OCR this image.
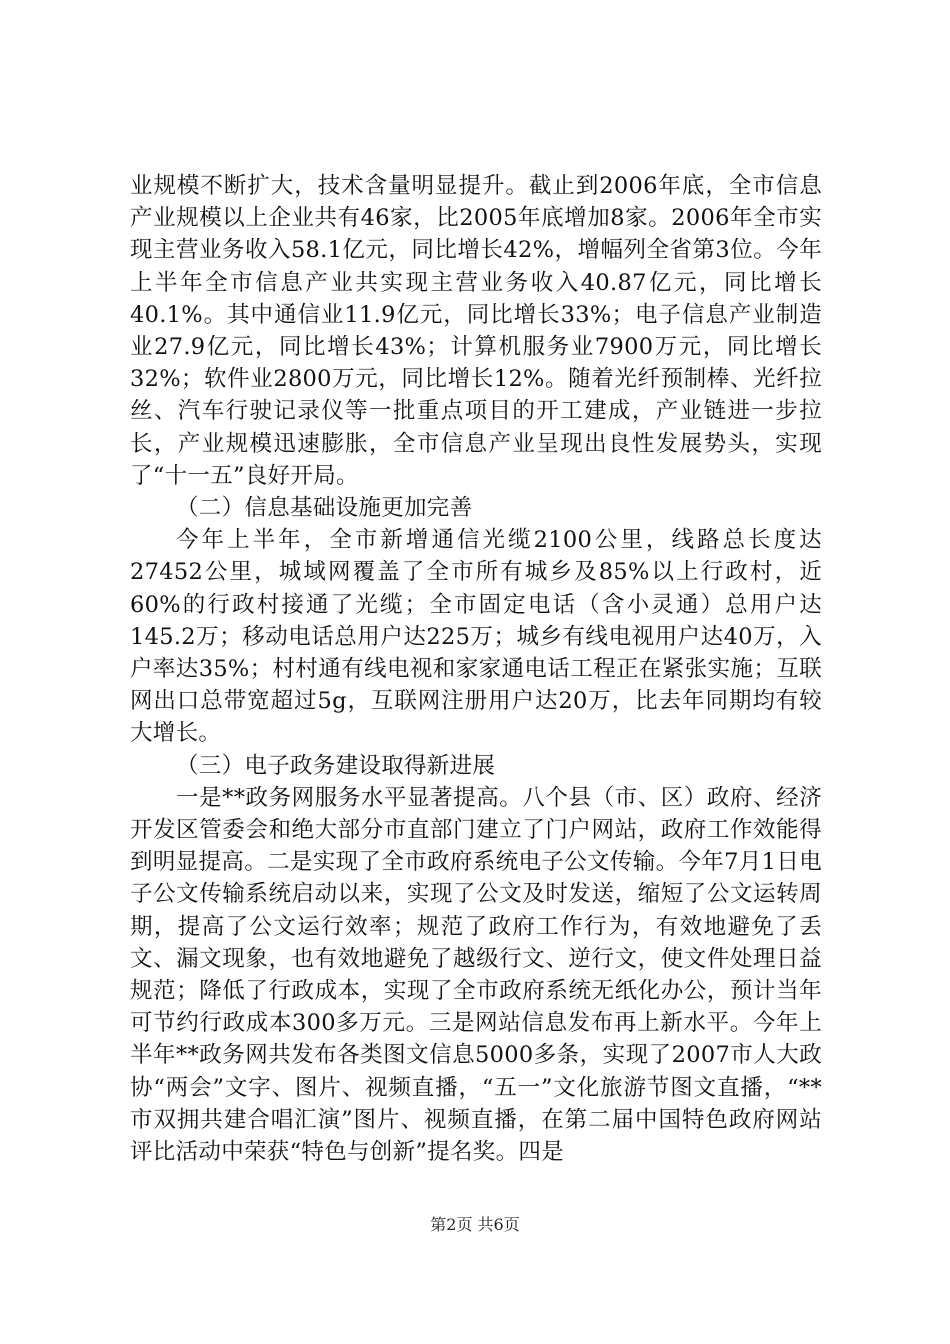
业规模不断扩大，技术含量明显提升。截止到2006年底，全市信息产业规模以上企业共有46家，比2005年底增加8家。2006年全市实现主营业务收入58.1亿元，同比增长42%，增幅列全省第3位。今年上半年全市信息产业共实现主营业务收入40.87亿元，同比增长40.1%。其中通信业11.9亿元，同比增长33%；电子信息产业制造业27.9亿元，同比增长43%；计算机服务业7900万元，同比增长32%；软件业2800万元，同比增长12%。随着光纤预制棒、光纤拉丝、汽车行驶记录仪等一批重点项目的开工建成，产业链进一步拉长，产业规模迅速膨胀，全市信息产业呈现出良性发展势头，实现了“十一五”良好开局。

（二）信息基础设施更加完善

今年上半年，全市新增通信光缆2100公里，线路总长度达27452公里，城域网覆盖了全市所有城乡及85%以上行政村，近60%的行政村接通了光缆；全市固定电话（含小灵通）总用户达145.2万；移动电话总用户达225万；城乡有线电视用户达40万，入户率达35%；村村通有线电视和家家通电话工程正在紧张实施；互联网出口总带宽超过5g，互联网注册用户达20万，比去年同期均有较大增长。

（三）电子政务建设取得新进展

一是**政务网服务水平显著提高。八个县（市、区）政府、经济开发区管委会和绝大部分市直部门建立了门户网站，政府工作效能得到明显提高。二是实现了全市政府系统电子公文传输。今年7月1日电子公文传输系统启动以来，实现了公文及时发送，缩短了公文运转周期，提高了公文运行效率；规范了政府工作行为，有效地避免了丢文、漏文现象，也有效地避免了越级行文、逆行文，使文件处理日益规范；降低了行政成本，实现了全市政府系统无纸化办公，预计当年可节约行政成本300多万元。三是网站信息发布再上新水平。今年上半年**政务网共发布各类图文信息5000多条，实现了2007市人大政协“两会”文字、图片、视频直播，“五一”文化旅游节图文直播，“**市双拥共建合唱汇演”图片、视频直播，在第二届中国特色政府网站评比活动中荣获“特色与创新”提名奖。四是

第2页 共6页
